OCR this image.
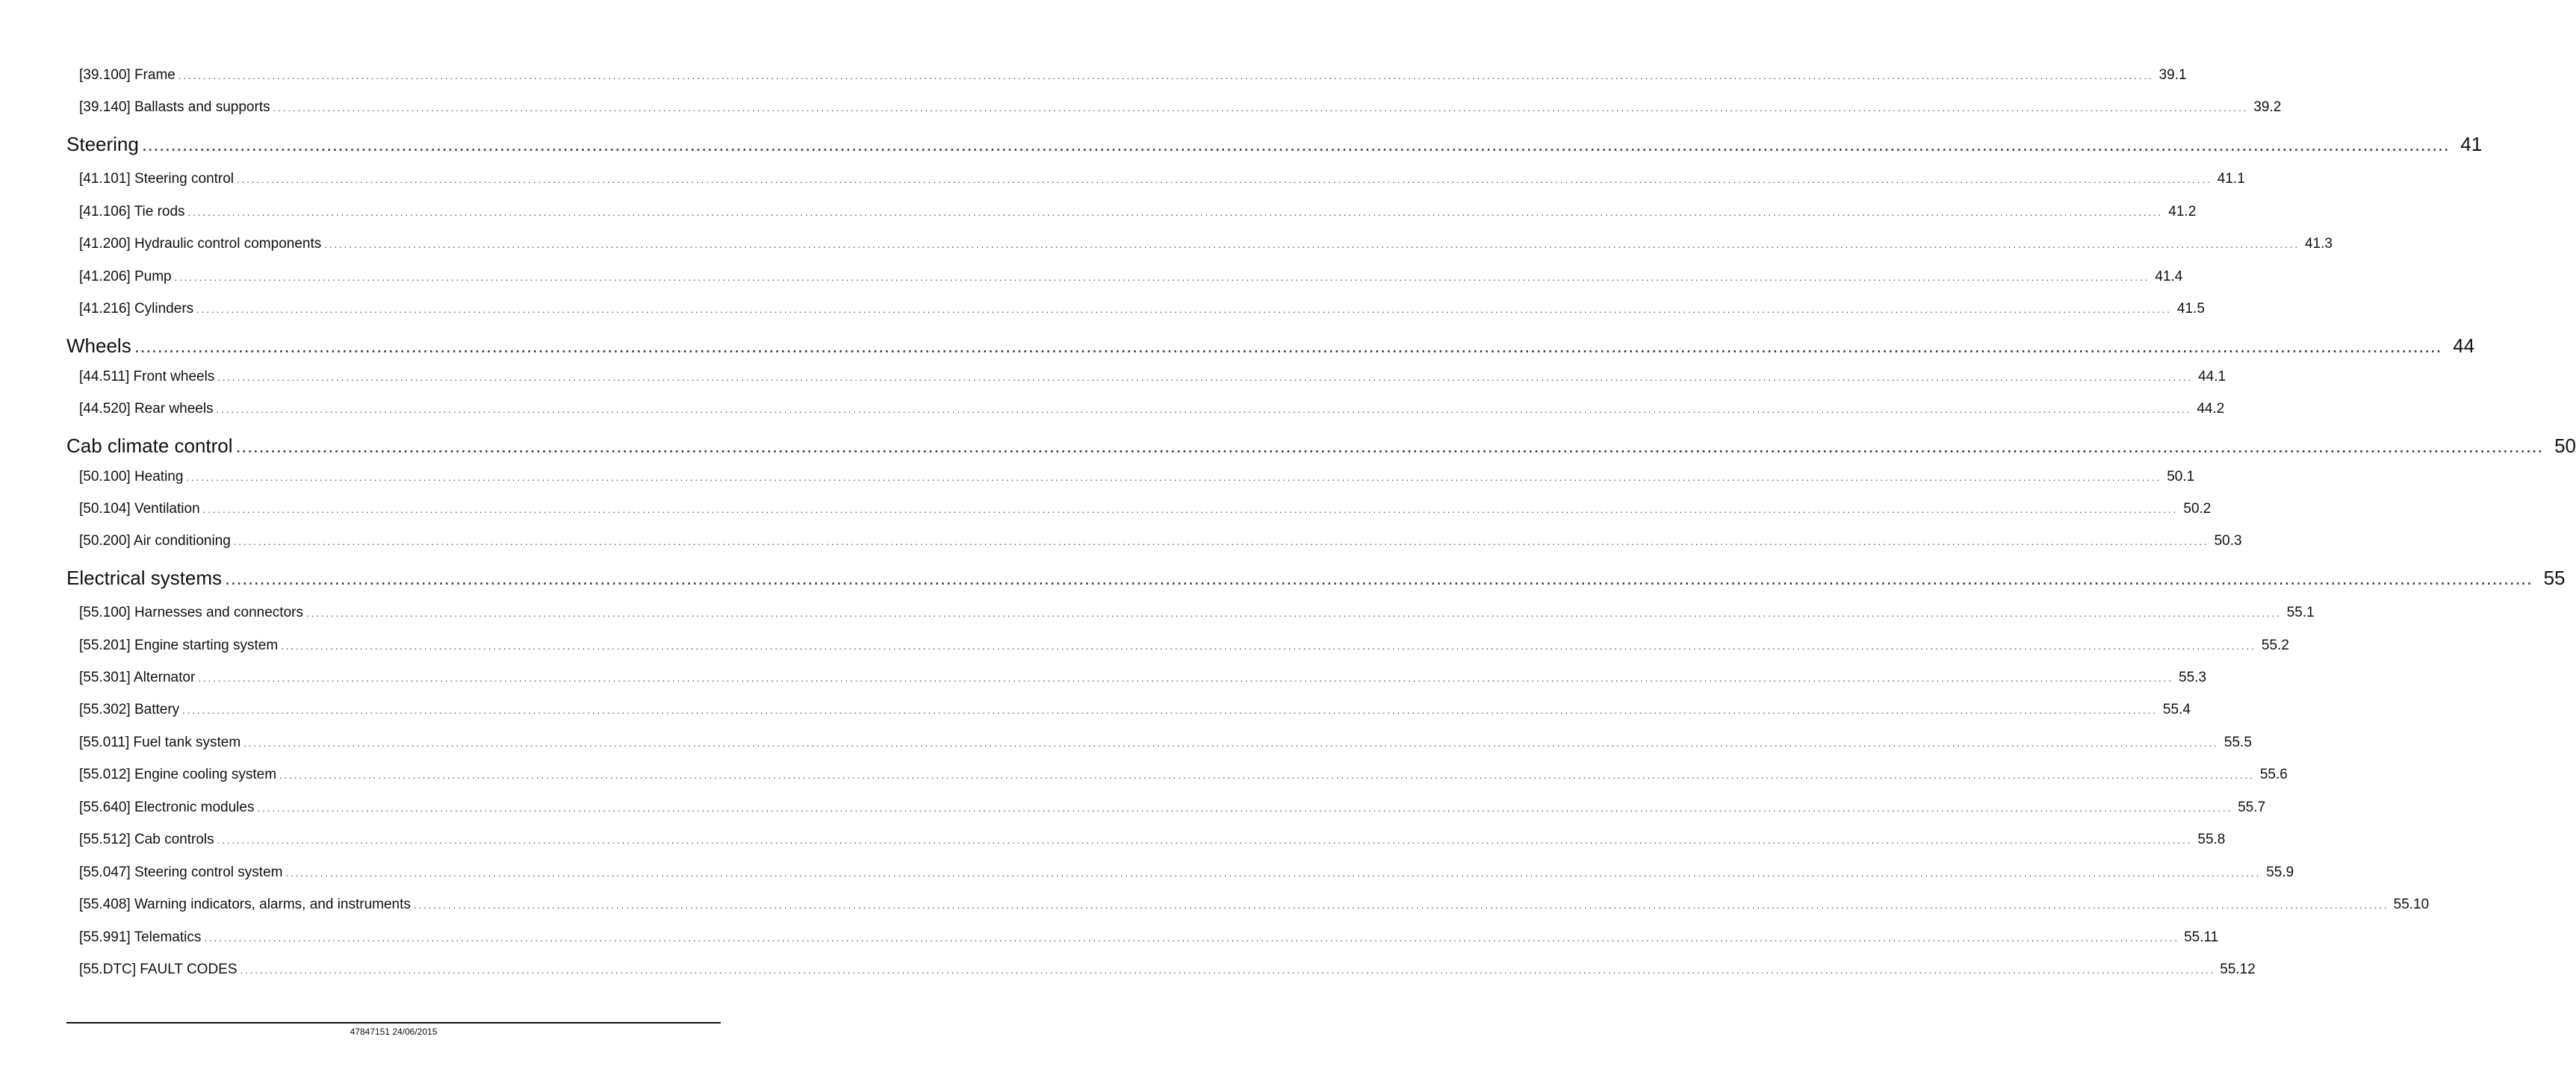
[39.100] Frame ................................................................................................................................................................................................................................................................................................................................................................................................................ 39.1
[39.140] Ballasts and supports ................................................................................................................................................................................................................................................................................................................................................................................................................ 39.2
Steering ................................................................................................................................................................................................................................................................................................................................................................................................................ 41
[41.101] Steering control ................................................................................................................................................................................................................................................................................................................................................................................................................ 41.1
[41.106] Tie rods ................................................................................................................................................................................................................................................................................................................................................................................................................ 41.2
[41.200] Hydraulic control components ................................................................................................................................................................................................................................................................................................................................................................................................................ 41.3
[41.206] Pump ................................................................................................................................................................................................................................................................................................................................................................................................................ 41.4
[41.216] Cylinders ................................................................................................................................................................................................................................................................................................................................................................................................................ 41.5
Wheels ................................................................................................................................................................................................................................................................................................................................................................................................................ 44
[44.511] Front wheels ................................................................................................................................................................................................................................................................................................................................................................................................................ 44.1
[44.520] Rear wheels ................................................................................................................................................................................................................................................................................................................................................................................................................ 44.2
Cab climate control ................................................................................................................................................................................................................................................................................................................................................................................................................ 50
[50.100] Heating ................................................................................................................................................................................................................................................................................................................................................................................................................ 50.1
[50.104] Ventilation ................................................................................................................................................................................................................................................................................................................................................................................................................ 50.2
[50.200] Air conditioning ................................................................................................................................................................................................................................................................................................................................................................................................................ 50.3
Electrical systems ................................................................................................................................................................................................................................................................................................................................................................................................................ 55
[55.100] Harnesses and connectors ................................................................................................................................................................................................................................................................................................................................................................................................................ 55.1
[55.201] Engine starting system ................................................................................................................................................................................................................................................................................................................................................................................................................ 55.2
[55.301] Alternator ................................................................................................................................................................................................................................................................................................................................................................................................................ 55.3
[55.302] Battery ................................................................................................................................................................................................................................................................................................................................................................................................................ 55.4
[55.011] Fuel tank system ................................................................................................................................................................................................................................................................................................................................................................................................................ 55.5
[55.012] Engine cooling system ................................................................................................................................................................................................................................................................................................................................................................................................................ 55.6
[55.640] Electronic modules ................................................................................................................................................................................................................................................................................................................................................................................................................ 55.7
[55.512] Cab controls ................................................................................................................................................................................................................................................................................................................................................................................................................ 55.8
[55.047] Steering control system ................................................................................................................................................................................................................................................................................................................................................................................................................ 55.9
[55.408] Warning indicators, alarms, and instruments ................................................................................................................................................................................................................................................................................................................................................................................................................ 55.10
[55.991] Telematics ................................................................................................................................................................................................................................................................................................................................................................................................................ 55.11
[55.DTC] FAULT CODES ................................................................................................................................................................................................................................................................................................................................................................................................................ 55.12
47847151 24/06/2015
